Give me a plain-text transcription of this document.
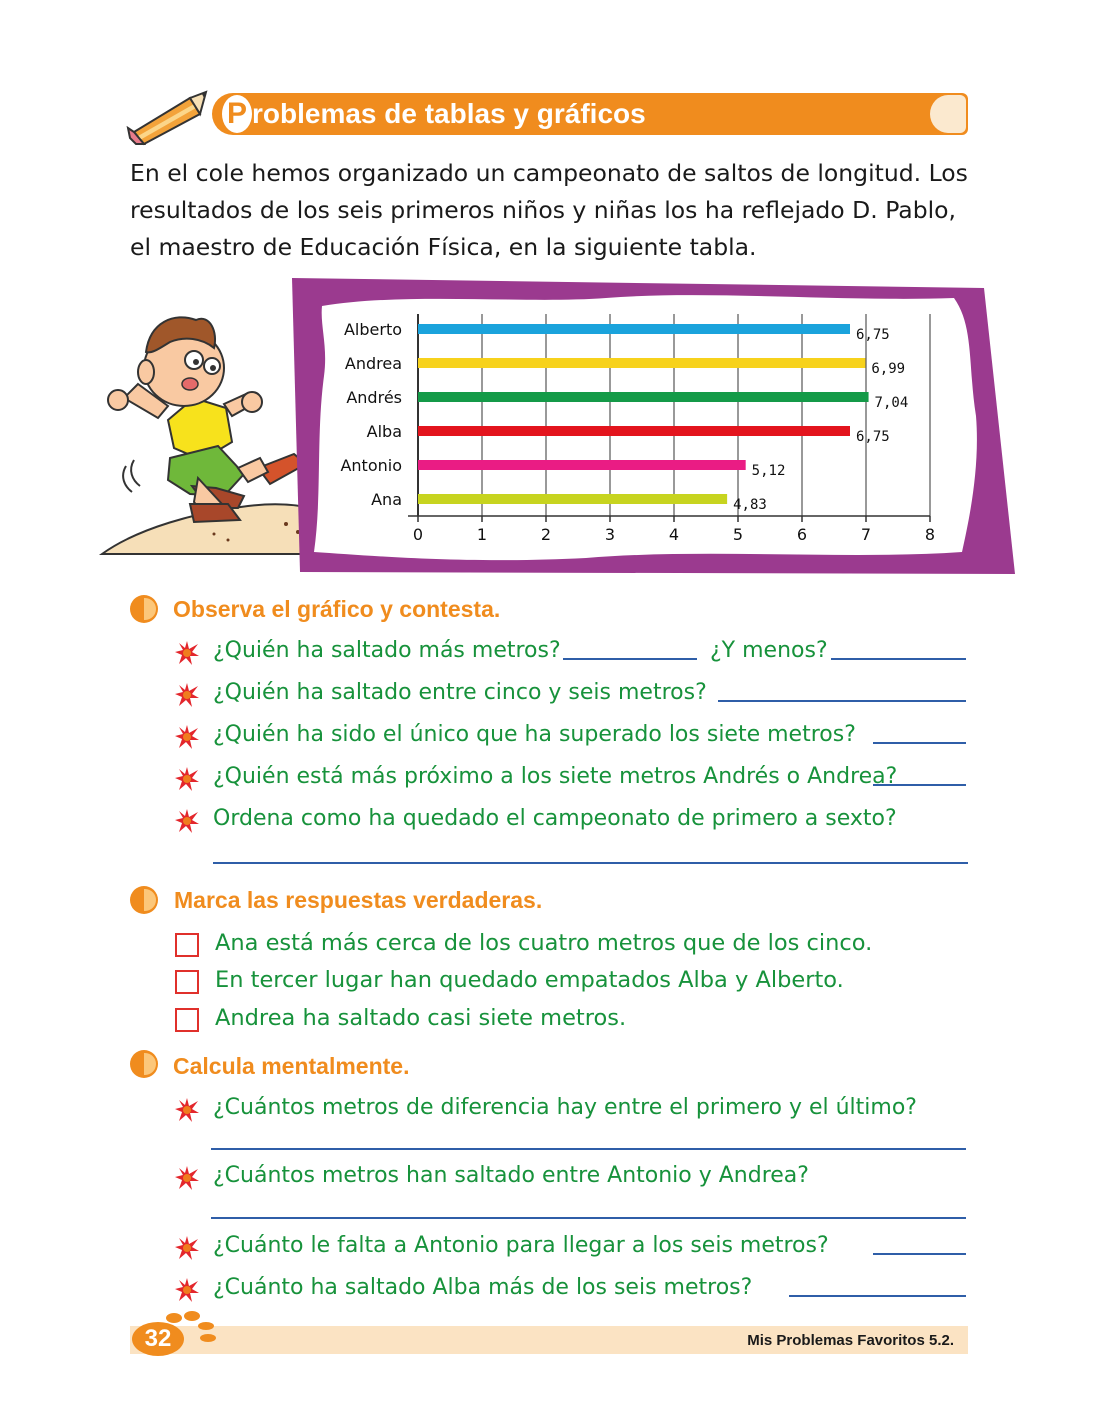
P roblemas de tablas y gráficos
En el cole hemos organizado un campeonato de saltos de longitud. Los resultados de los seis primeros niños y niñas los ha reflejado D. Pablo, el maestro de Educación Física, en la siguiente tabla.
Alberto
Andrea
Andrés
Alba
Antonio
Ana
6,75
6,99
7,04
6,75
5,12
4,83
0	1	2	3	4	5	6	7	8
Observa el gráfico y contesta.
¿Quién ha saltado más metros?	¿Y menos?
¿Quién ha saltado entre cinco y seis metros?
¿Quién ha sido el único que ha superado los siete metros?
¿Quién está más próximo a los siete metros Andrés o Andrea?
Ordena como ha quedado el campeonato de primero a sexto?
Marca las respuestas verdaderas.
Ana está más cerca de los cuatro metros que de los cinco.
En tercer lugar han quedado empatados Alba y Alberto.
Andrea ha saltado casi siete metros.
Calcula mentalmente.
¿Cuántos metros de diferencia hay entre el primero y el último?
¿Cuántos metros han saltado entre Antonio y Andrea?
¿Cuánto le falta a Antonio para llegar a los seis metros?
¿Cuánto ha saltado Alba más de los seis metros?
32	Mis Problemas Favoritos 5.2.
